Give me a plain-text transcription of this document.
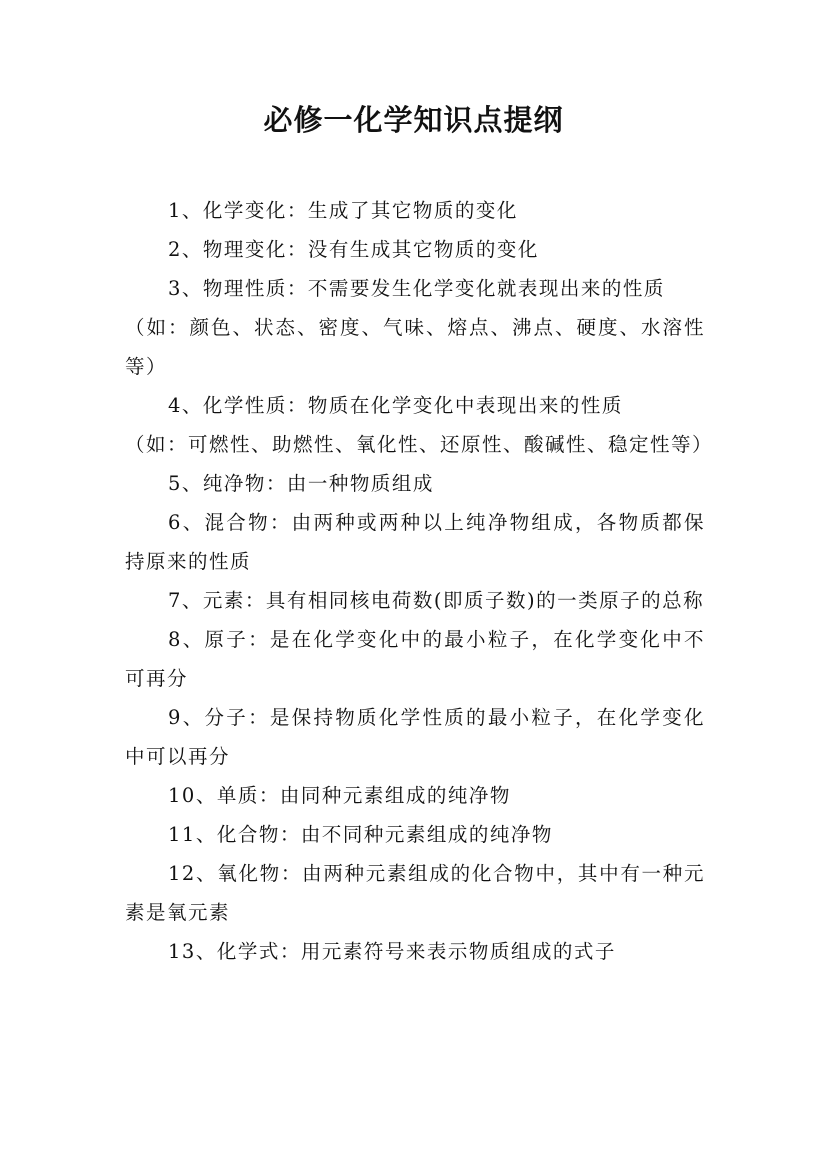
必修一化学知识点提纲

1、化学变化：生成了其它物质的变化

2、物理变化：没有生成其它物质的变化

3、物理性质：不需要发生化学变化就表现出来的性质

（如：颜色、状态、密度、气味、熔点、沸点、硬度、水溶性等）

4、化学性质：物质在化学变化中表现出来的性质

（如：可燃性、助燃性、氧化性、还原性、酸碱性、稳定性等）

5、纯净物：由一种物质组成

6、混合物：由两种或两种以上纯净物组成，各物质都保持原来的性质

7、元素：具有相同核电荷数(即质子数)的一类原子的总称

8、原子：是在化学变化中的最小粒子，在化学变化中不可再分

9、分子：是保持物质化学性质的最小粒子，在化学变化中可以再分

10、单质：由同种元素组成的纯净物

11、化合物：由不同种元素组成的纯净物

12、氧化物：由两种元素组成的化合物中，其中有一种元素是氧元素

13、化学式：用元素符号来表示物质组成的式子
